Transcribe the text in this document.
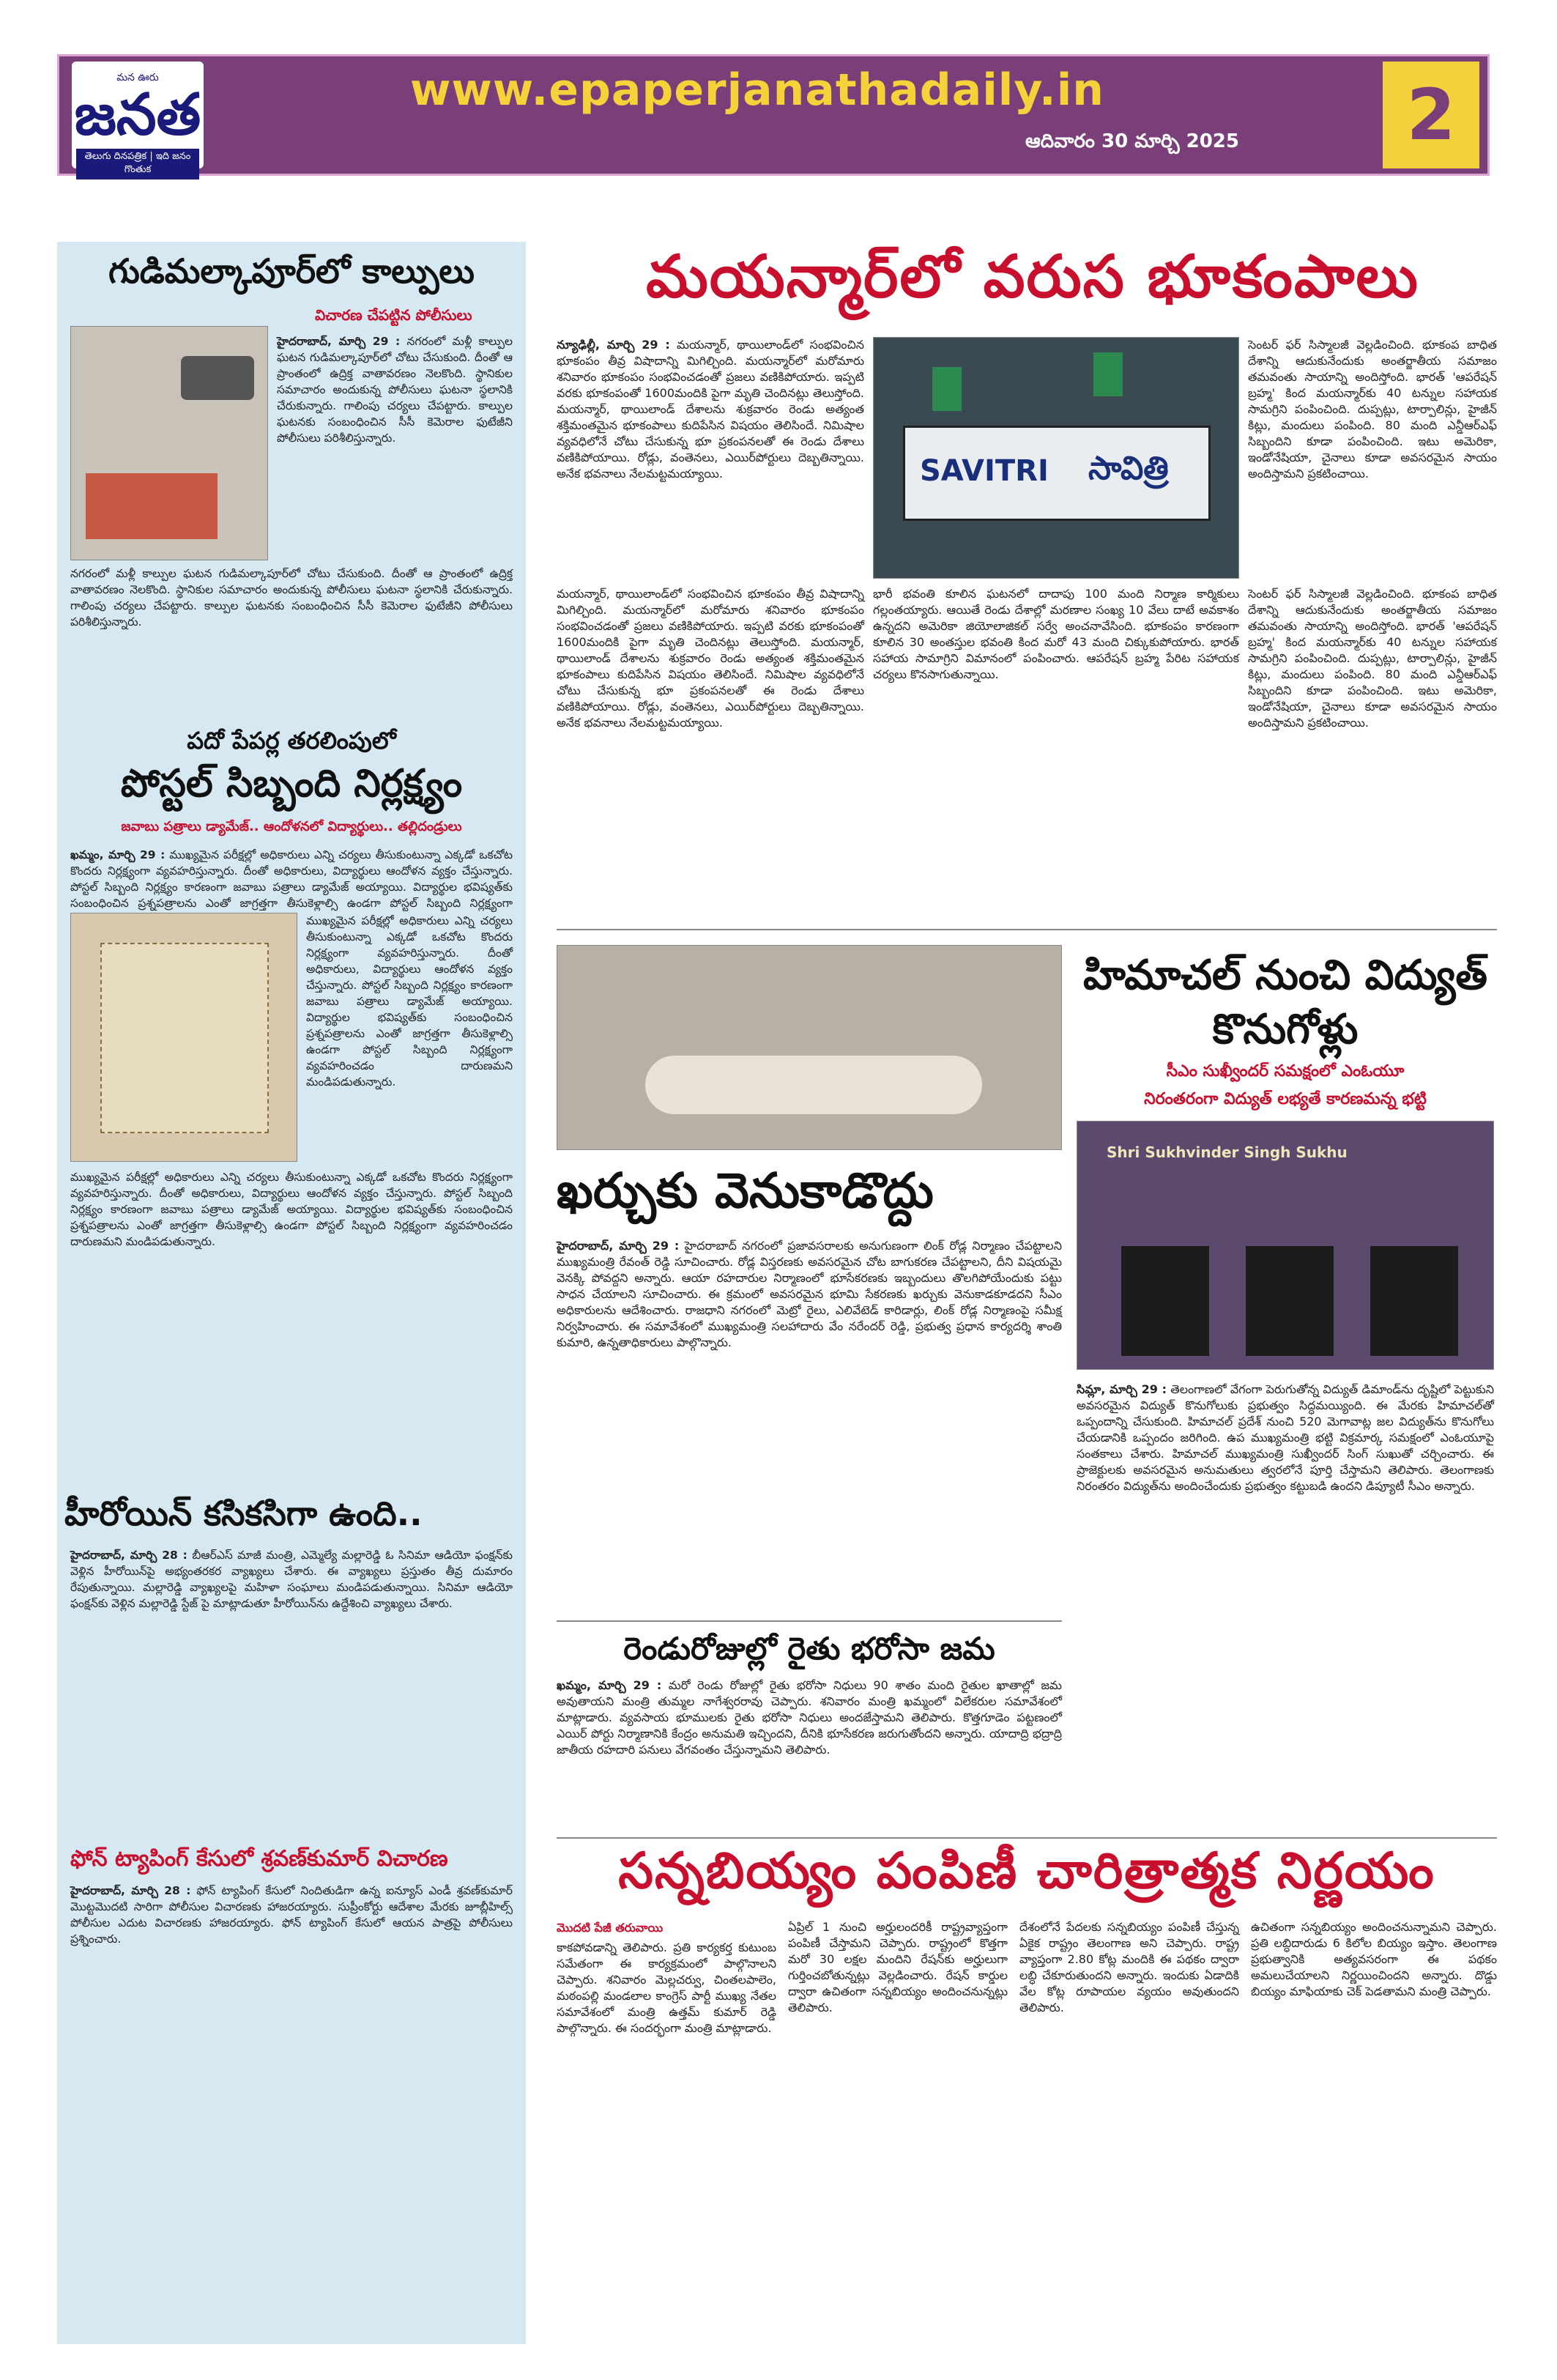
మన ఊరు
జనత
తెలుగు దినపత్రిక | ఇది జనం గొంతుక
www.epaperjanathadaily.in
ఆదివారం 30 మార్చి 2025	2
గుడిమల్కాపూర్‌లో కాల్పులు
విచారణ చేపట్టిన పోలీసులు
హైదరాబాద్, మార్చి 29 : నగరంలో మళ్లీ కాల్పుల ఘటన గుడిమల్కాపూర్‌లో చోటు చేసుకుంది. దీంతో ఆ ప్రాంతంలో ఉద్రిక్త వాతావరణం నెలకొంది. స్థానికుల సమాచారం అందుకున్న పోలీసులు ఘటనా స్థలానికి చేరుకున్నారు. గాలింపు చర్యలు చేపట్టారు. కాల్పుల ఘటనకు సంబంధించిన సీసీ కెమెరాల ఫుటేజీని పోలీసులు పరిశీలిస్తున్నారు.
నగరంలో మళ్లీ కాల్పుల ఘటన గుడిమల్కాపూర్‌లో చోటు చేసుకుంది. దీంతో ఆ ప్రాంతంలో ఉద్రిక్త వాతావరణం నెలకొంది. స్థానికుల సమాచారం అందుకున్న పోలీసులు ఘటనా స్థలానికి చేరుకున్నారు. గాలింపు చర్యలు చేపట్టారు. కాల్పుల ఘటనకు సంబంధించిన సీసీ కెమెరాల ఫుటేజీని పోలీసులు పరిశీలిస్తున్నారు.
పదో పేపర్ల తరలింపులో
పోస్టల్ సిబ్బంది నిర్లక్ష్యం
జవాబు పత్రాలు డ్యామేజ్.. ఆందోళనలో విద్యార్థులు.. తల్లిదండ్రులు
ఖమ్మం, మార్చి 29 : ముఖ్యమైన పరీక్షల్లో అధికారులు ఎన్ని చర్యలు తీసుకుంటున్నా ఎక్కడో ఒకచోట కొందరు నిర్లక్ష్యంగా వ్యవహరిస్తున్నారు. దీంతో అధికారులు, విద్యార్థులు ఆందోళన వ్యక్తం చేస్తున్నారు. పోస్టల్ సిబ్బంది నిర్లక్ష్యం కారణంగా జవాబు పత్రాలు డ్యామేజ్ అయ్యాయి. విద్యార్థుల భవిష్యత్‌కు సంబంధించిన ప్రశ్నపత్రాలను ఎంతో జాగ్రత్తగా తీసుకెళ్లాల్సి ఉండగా పోస్టల్ సిబ్బంది నిర్లక్ష్యంగా
ముఖ్యమైన పరీక్షల్లో అధికారులు ఎన్ని చర్యలు తీసుకుంటున్నా ఎక్కడో ఒకచోట కొందరు నిర్లక్ష్యంగా వ్యవహరిస్తున్నారు. దీంతో అధికారులు, విద్యార్థులు ఆందోళన వ్యక్తం చేస్తున్నారు. పోస్టల్ సిబ్బంది నిర్లక్ష్యం కారణంగా జవాబు పత్రాలు డ్యామేజ్ అయ్యాయి. విద్యార్థుల భవిష్యత్‌కు సంబంధించిన ప్రశ్నపత్రాలను ఎంతో జాగ్రత్తగా తీసుకెళ్లాల్సి ఉండగా పోస్టల్ సిబ్బంది నిర్లక్ష్యంగా వ్యవహరించడం దారుణమని మండిపడుతున్నారు.
ముఖ్యమైన పరీక్షల్లో అధికారులు ఎన్ని చర్యలు తీసుకుంటున్నా ఎక్కడో ఒకచోట కొందరు నిర్లక్ష్యంగా వ్యవహరిస్తున్నారు. దీంతో అధికారులు, విద్యార్థులు ఆందోళన వ్యక్తం చేస్తున్నారు. పోస్టల్ సిబ్బంది నిర్లక్ష్యం కారణంగా జవాబు పత్రాలు డ్యామేజ్ అయ్యాయి. విద్యార్థుల భవిష్యత్‌కు సంబంధించిన ప్రశ్నపత్రాలను ఎంతో జాగ్రత్తగా తీసుకెళ్లాల్సి ఉండగా పోస్టల్ సిబ్బంది నిర్లక్ష్యంగా వ్యవహరించడం దారుణమని మండిపడుతున్నారు.
హీరోయిన్ కసికసిగా ఉంది..
హైదరాబాద్, మార్చి 28 : బీఆర్‌ఎస్ మాజీ మంత్రి, ఎమ్మెల్యే మల్లారెడ్డి ఓ సినిమా ఆడియో ఫంక్షన్‌కు వెళ్లిన హీరోయిన్‌పై అభ్యంతరకర వ్యాఖ్యలు చేశారు. ఈ వ్యాఖ్యలు ప్రస్తుతం తీవ్ర దుమారం రేపుతున్నాయి. మల్లారెడ్డి వ్యాఖ్యలపై మహిళా సంఘాలు మండిపడుతున్నాయి. సినిమా ఆడియో ఫంక్షన్‌కు వెళ్లిన మల్లారెడ్డి స్టేజ్ పై మాట్లాడుతూ హీరోయిన్‌ను ఉద్దేశించి వ్యాఖ్యలు చేశారు.
ఫోన్ ట్యాపింగ్ కేసులో శ్రవణ్‌కుమార్ విచారణ
హైదరాబాద్, మార్చి 28 : ఫోన్ ట్యాపింగ్ కేసులో నిందితుడిగా ఉన్న ఐన్యూస్ ఎండీ శ్రవణ్‌కుమార్ మొట్టమొదటి సారిగా పోలీసుల విచారణకు హాజరయ్యారు. సుప్రీంకోర్టు ఆదేశాల మేరకు జూబ్లీహిల్స్ పోలీసుల ఎదుట విచారణకు హాజరయ్యారు. ఫోన్ ట్యాపింగ్ కేసులో ఆయన పాత్రపై పోలీసులు ప్రశ్నించారు.
మయన్మార్‌లో వరుస భూకంపాలు
న్యూఢిల్లీ, మార్చి 29 : మయన్మార్, థాయిలాండ్‌లో సంభవించిన భూకంపం తీవ్ర విషాదాన్ని మిగిల్చింది. మయన్మార్‌లో మరోమారు శనివారం భూకంపం సంభవించడంతో ప్రజలు వణికిపోయారు. ఇప్పటి వరకు భూకంపంతో 1600మందికి పైగా మృతి చెందినట్లు తెలుస్తోంది. మయన్మార్, థాయిలాండ్ దేశాలను శుక్రవారం రెండు అత్యంత శక్తిమంతమైన భూకంపాలు కుదిపేసిన విషయం తెలిసిందే. నిమిషాల వ్యవధిలోనే చోటు చేసుకున్న భూ ప్రకంపనలతో ఈ రెండు దేశాలు వణికిపోయాయి. రోడ్లు, వంతెనలు, ఎయిర్‌పోర్టులు దెబ్బతిన్నాయి. అనేక భవనాలు నేలమట్టమయ్యాయి.	SAVITRI సావిత్రి
సెంటర్ ఫర్ సిస్మాలజీ వెల్లడించింది. భూకంప బాధిత దేశాన్ని ఆదుకునేందుకు అంతర్జాతీయ సమాజం తమవంతు సాయాన్ని అందిస్తోంది. భారత్ 'ఆపరేషన్ బ్రహ్మ' కింద మయన్మార్‌కు 40 టన్నుల సహాయక సామగ్రిని పంపించింది. దుప్పట్లు, టార్పాలిన్లు, హైజీన్ కిట్లు, మందులు పంపింది. 80 మంది ఎన్డీఆర్ఎఫ్ సిబ్బందిని కూడా పంపించింది. ఇటు అమెరికా, ఇండోనేషియా, చైనాలు కూడా అవసరమైన సాయం అందిస్తామని ప్రకటించాయి.
మయన్మార్, థాయిలాండ్‌లో సంభవించిన భూకంపం తీవ్ర విషాదాన్ని మిగిల్చింది. మయన్మార్‌లో మరోమారు శనివారం భూకంపం సంభవించడంతో ప్రజలు వణికిపోయారు. ఇప్పటి వరకు భూకంపంతో 1600మందికి పైగా మృతి చెందినట్లు తెలుస్తోంది. మయన్మార్, థాయిలాండ్ దేశాలను శుక్రవారం రెండు అత్యంత శక్తిమంతమైన భూకంపాలు కుదిపేసిన విషయం తెలిసిందే. నిమిషాల వ్యవధిలోనే చోటు చేసుకున్న భూ ప్రకంపనలతో ఈ రెండు దేశాలు వణికిపోయాయి. రోడ్లు, వంతెనలు, ఎయిర్‌పోర్టులు దెబ్బతిన్నాయి. అనేక భవనాలు నేలమట్టమయ్యాయి.
భారీ భవంతి కూలిన ఘటనలో దాదాపు 100 మంది నిర్మాణ కార్మికులు గల్లంతయ్యారు. ఆయితే రెండు దేశాల్లో మరణాల సంఖ్య 10 వేలు దాటే అవకాశం ఉన్నదని అమెరికా జియోలాజికల్ సర్వే అంచనావేసింది. భూకంపం కారణంగా కూలిన 30 అంతస్తుల భవంతి కింద మరో 43 మంది చిక్కుకుపోయారు. భారత్ సహాయ సామాగ్రిని విమానంలో పంపించారు. ఆపరేషన్ బ్రహ్మ పేరిట సహాయక చర్యలు కొనసాగుతున్నాయి.
సెంటర్ ఫర్ సిస్మాలజీ వెల్లడించింది. భూకంప బాధిత దేశాన్ని ఆదుకునేందుకు అంతర్జాతీయ సమాజం తమవంతు సాయాన్ని అందిస్తోంది. భారత్ 'ఆపరేషన్ బ్రహ్మ' కింద మయన్మార్‌కు 40 టన్నుల సహాయక సామగ్రిని పంపించింది. దుప్పట్లు, టార్పాలిన్లు, హైజీన్ కిట్లు, మందులు పంపింది. 80 మంది ఎన్డీఆర్ఎఫ్ సిబ్బందిని కూడా పంపించింది. ఇటు అమెరికా, ఇండోనేషియా, చైనాలు కూడా అవసరమైన సాయం అందిస్తామని ప్రకటించాయి.
ఖర్చుకు వెనుకాడొద్దు
హైదరాబాద్, మార్చి 29 : హైదరాబాద్ నగరంలో ప్రజావసరాలకు అనుగుణంగా లింక్ రోడ్ల నిర్మాణం చేపట్టాలని ముఖ్యమంత్రి రేవంత్ రెడ్డి సూచించారు. రోడ్ల విస్తరణకు అవసరమైన చోట బాగుకరణ చేపట్టాలని, దీని విషయమై వెనక్కి పోవద్దని అన్నారు. ఆయా రహదారుల నిర్మాణంలో భూసేకరణకు ఇబ్బందులు తొలగిపోయేందుకు పట్టు సాధన చేయాలని సూచించారు. ఈ క్రమంలో అవసరమైన భూమి సేకరణకు ఖర్చుకు వెనుకాడకూడదని సీఎం అధికారులను ఆదేశించారు. రాజధాని నగరంలో మెట్రో రైలు, ఎలివేటెడ్ కారిడార్లు, లింక్ రోడ్ల నిర్మాణంపై సమీక్ష నిర్వహించారు. ఈ సమావేశంలో ముఖ్యమంత్రి సలహాదారు వేం నరేందర్ రెడ్డి, ప్రభుత్వ ప్రధాన కార్యదర్శి శాంతి కుమారి, ఉన్నతాధికారులు పాల్గొన్నారు.
రెండురోజుల్లో రైతు భరోసా జమ
ఖమ్మం, మార్చి 29 : మరో రెండు రోజుల్లో రైతు భరోసా నిధులు 90 శాతం మంది రైతుల ఖాతాల్లో జమ అవుతాయని మంత్రి తుమ్మల నాగేశ్వరరావు చెప్పారు. శనివారం మంత్రి ఖమ్మంలో విలేకరుల సమావేశంలో మాట్లాడారు. వ్యవసాయ భూములకు రైతు భరోసా నిధులు అందజేస్తామని తెలిపారు. కొత్తగూడెం పట్టణంలో ఎయిర్ పోర్టు నిర్మాణానికి కేంద్రం అనుమతి ఇచ్చిందని, దీనికి భూసేకరణ జరుగుతోందని అన్నారు. యాదాద్రి భద్రాద్రి జాతీయ రహదారి పనులు వేగవంతం చేస్తున్నామని తెలిపారు.
హిమాచల్ నుంచి విద్యుత్ కొనుగోళ్లు
సీఎం సుఖ్వీందర్ సమక్షంలో ఎంఓయూ
నిరంతరంగా విద్యుత్ లభ్యతే కారణమన్న భట్టి
Shri Sukhvinder Singh Sukhu
సిమ్లా, మార్చి 29 : తెలంగాణలో వేగంగా పెరుగుతోన్న విద్యుత్ డిమాండ్‌ను దృష్టిలో పెట్టుకుని అవసరమైన విద్యుత్ కొనుగోలుకు ప్రభుత్వం సిద్ధమయ్యింది. ఈ మేరకు హిమాచల్‌తో ఒప్పందాన్ని చేసుకుంది. హిమాచల్ ప్రదేశ్ నుంచి 520 మెగావాట్ల జల విద్యుత్‌ను కొనుగోలు చేయడానికి ఒప్పందం జరిగింది. ఉప ముఖ్యమంత్రి భట్టి విక్రమార్క సమక్షంలో ఎంఓయూపై సంతకాలు చేశారు. హిమాచల్ ముఖ్యమంత్రి సుఖ్వీందర్ సింగ్ సుఖుతో చర్చించారు. ఈ ప్రాజెక్టులకు అవసరమైన అనుమతులు త్వరలోనే పూర్తి చేస్తామని తెలిపారు. తెలంగాణకు నిరంతరం విద్యుత్‌ను అందించేందుకు ప్రభుత్వం కట్టుబడి ఉందని డిప్యూటీ సీఎం అన్నారు.
సన్నబియ్యం పంపిణీ చారిత్రాత్మక నిర్ణయం
మొదటి పేజీ తరువాయి
కాకపోవడాన్ని తెలిపారు. ప్రతి కార్యకర్త కుటుంబ సమేతంగా ఈ కార్యక్రమంలో పాల్గొనాలని చెప్పారు. శనివారం మెల్లచర్వు, చింతలపాలెం, మఠంపల్లి మండలాల కాంగ్రెస్ పార్టీ ముఖ్య నేతల సమావేశంలో మంత్రి ఉత్తమ్ కుమార్ రెడ్డి పాల్గొన్నారు. ఈ సందర్భంగా మంత్రి మాట్లాడారు.
ఏప్రిల్ 1 నుంచి అర్హులందరికీ రాష్ట్రవ్యాప్తంగా పంపిణీ చేస్తామని చెప్పారు. రాష్ట్రంలో కొత్తగా మరో 30 లక్షల మందిని రేషన్‌కు అర్హులుగా గుర్తించబోతున్నట్లు వెల్లడించారు. రేషన్ కార్డుల ద్వారా ఉచితంగా సన్నబియ్యం అందించనున్నట్లు తెలిపారు.
దేశంలోనే పేదలకు సన్నబియ్యం పంపిణీ చేస్తున్న ఏకైక రాష్ట్రం తెలంగాణ అని చెప్పారు. రాష్ట్ర వ్యాప్తంగా 2.80 కోట్ల మందికి ఈ పథకం ద్వారా లబ్ధి చేకూరుతుందని అన్నారు. ఇందుకు ఏడాదికి వేల కోట్ల రూపాయల వ్యయం అవుతుందని తెలిపారు.
ఉచితంగా సన్నబియ్యం అందించనున్నామని చెప్పారు. ప్రతి లబ్ధిదారుడు 6 కిలోల బియ్యం ఇస్తాం. తెలంగాణ ప్రభుత్వానికి అత్యవసరంగా ఈ పథకం అమలుచేయాలని నిర్ణయించిందని అన్నారు. దొడ్డు బియ్యం మాఫియాకు చెక్ పెడతామని మంత్రి చెప్పారు.
